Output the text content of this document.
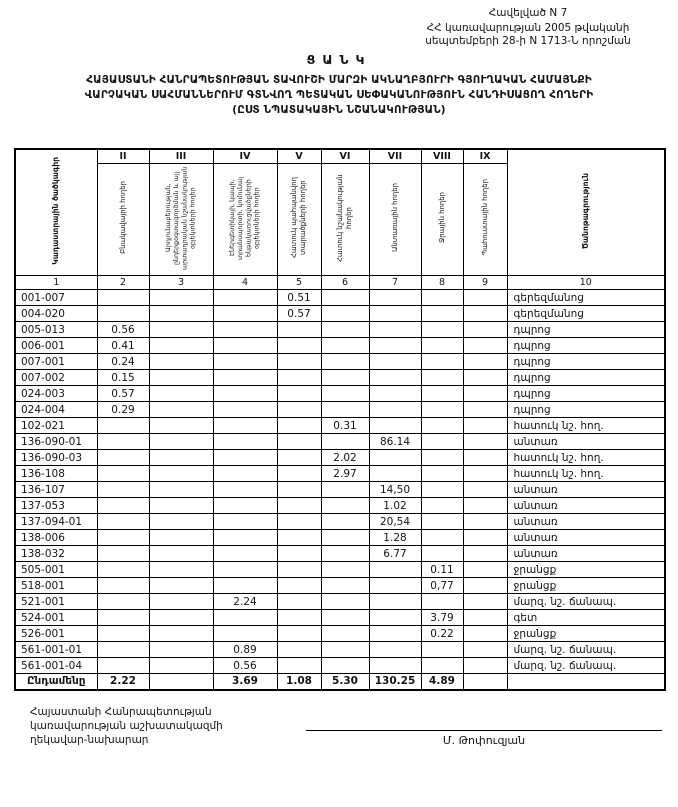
Հավելված N 7
ՀՀ կառավարության 2005 թվականի
սեպտեմբերի 28-ի N 1713-Ն որոշման
ՑԱՆԿ
ՀԱՅԱՍՏԱՆԻ ՀԱՆՐԱՊԵՏՈՒԹՅԱՆ ՏԱՎՈՒՇԻ ՄԱՐԶԻ ԱԿՆԱՂԲՅՈՒՐԻ ԳՅՈՒՂԱԿԱՆ ՀԱՄԱՅՆՔԻ
ՎԱՐՉԱԿԱՆ ՍԱՀՄԱՆՆԵՐՈՒՄ ԳՏՆՎՈՂ ՊԵՏԱԿԱՆ ՍԵՓԱԿԱՆՈՒԹՅՈՒՆ ՀԱՆԴԻՍԱՑՈՂ ՀՈՂԵՐԻ
(ԸՍՏ ՆՊԱՏԱԿԱՅԻՆ ՆՇԱՆԱԿՈՒԹՅԱՆ)
Կադաստրային ծածկագիր	II	III	IV	V	VI	VII	VIII	IX	Ծանոթագրություն
	Բնակավայրի հողեր	Արդյունաբերության, ընդերքօգտագործման և այլ արտադրական նշանակության օբյեկտների հողեր	Էներգետիկայի, կապի, տրանսպորտի, կոմունալ ենթակառուցվածքների օբյեկտների հողեր	Հատուկ պահպանվող տարածքների հողեր	Հատուկ նշանակության հողեր	Անտառային հողեր	Ջրային հողեր	Պահուստային հողեր	
1	2	3	4	5	6	7	8	9	10
001-007				0.51					գերեզմանոց
004-020				0.57					գերեզմանոց
005-013	0.56								դպրոց
006-001	0.41								դպրոց
007-001	0.24								դպրոց
007-002	0.15								դպրոց
024-003	0.57								դպրոց
024-004	0.29								դպրոց
102-021					0.31				հատուկ նշ. հող.
136-090-01						86.14			անտառ
136-090-03					2.02				հատուկ նշ. հող.
136-108					2.97				հատուկ նշ. հող.
136-107						14,50			անտառ
137-053						1.02			անտառ
137-094-01						20,54			անտառ
138-006						1.28			անտառ
138-032						6.77			անտառ
505-001							0.11		ջրանցք
518-001							0,77		ջրանցք
521-001			2.24						մարզ. նշ. ճանապ.
524-001							3.79		գետ
526-001							0.22		ջրանցք
561-001-01			0.89						մարզ. նշ. ճանապ.
561-001-04			0.56						մարզ. նշ. ճանապ.
Ընդամենը	2.22		3.69	1.08	5.30	130.25	4.89		
Հայաստանի Հանրապետության
կառավարության աշխատակազմի
ղեկավար-նախարար	Մ. Թոփուզյան
